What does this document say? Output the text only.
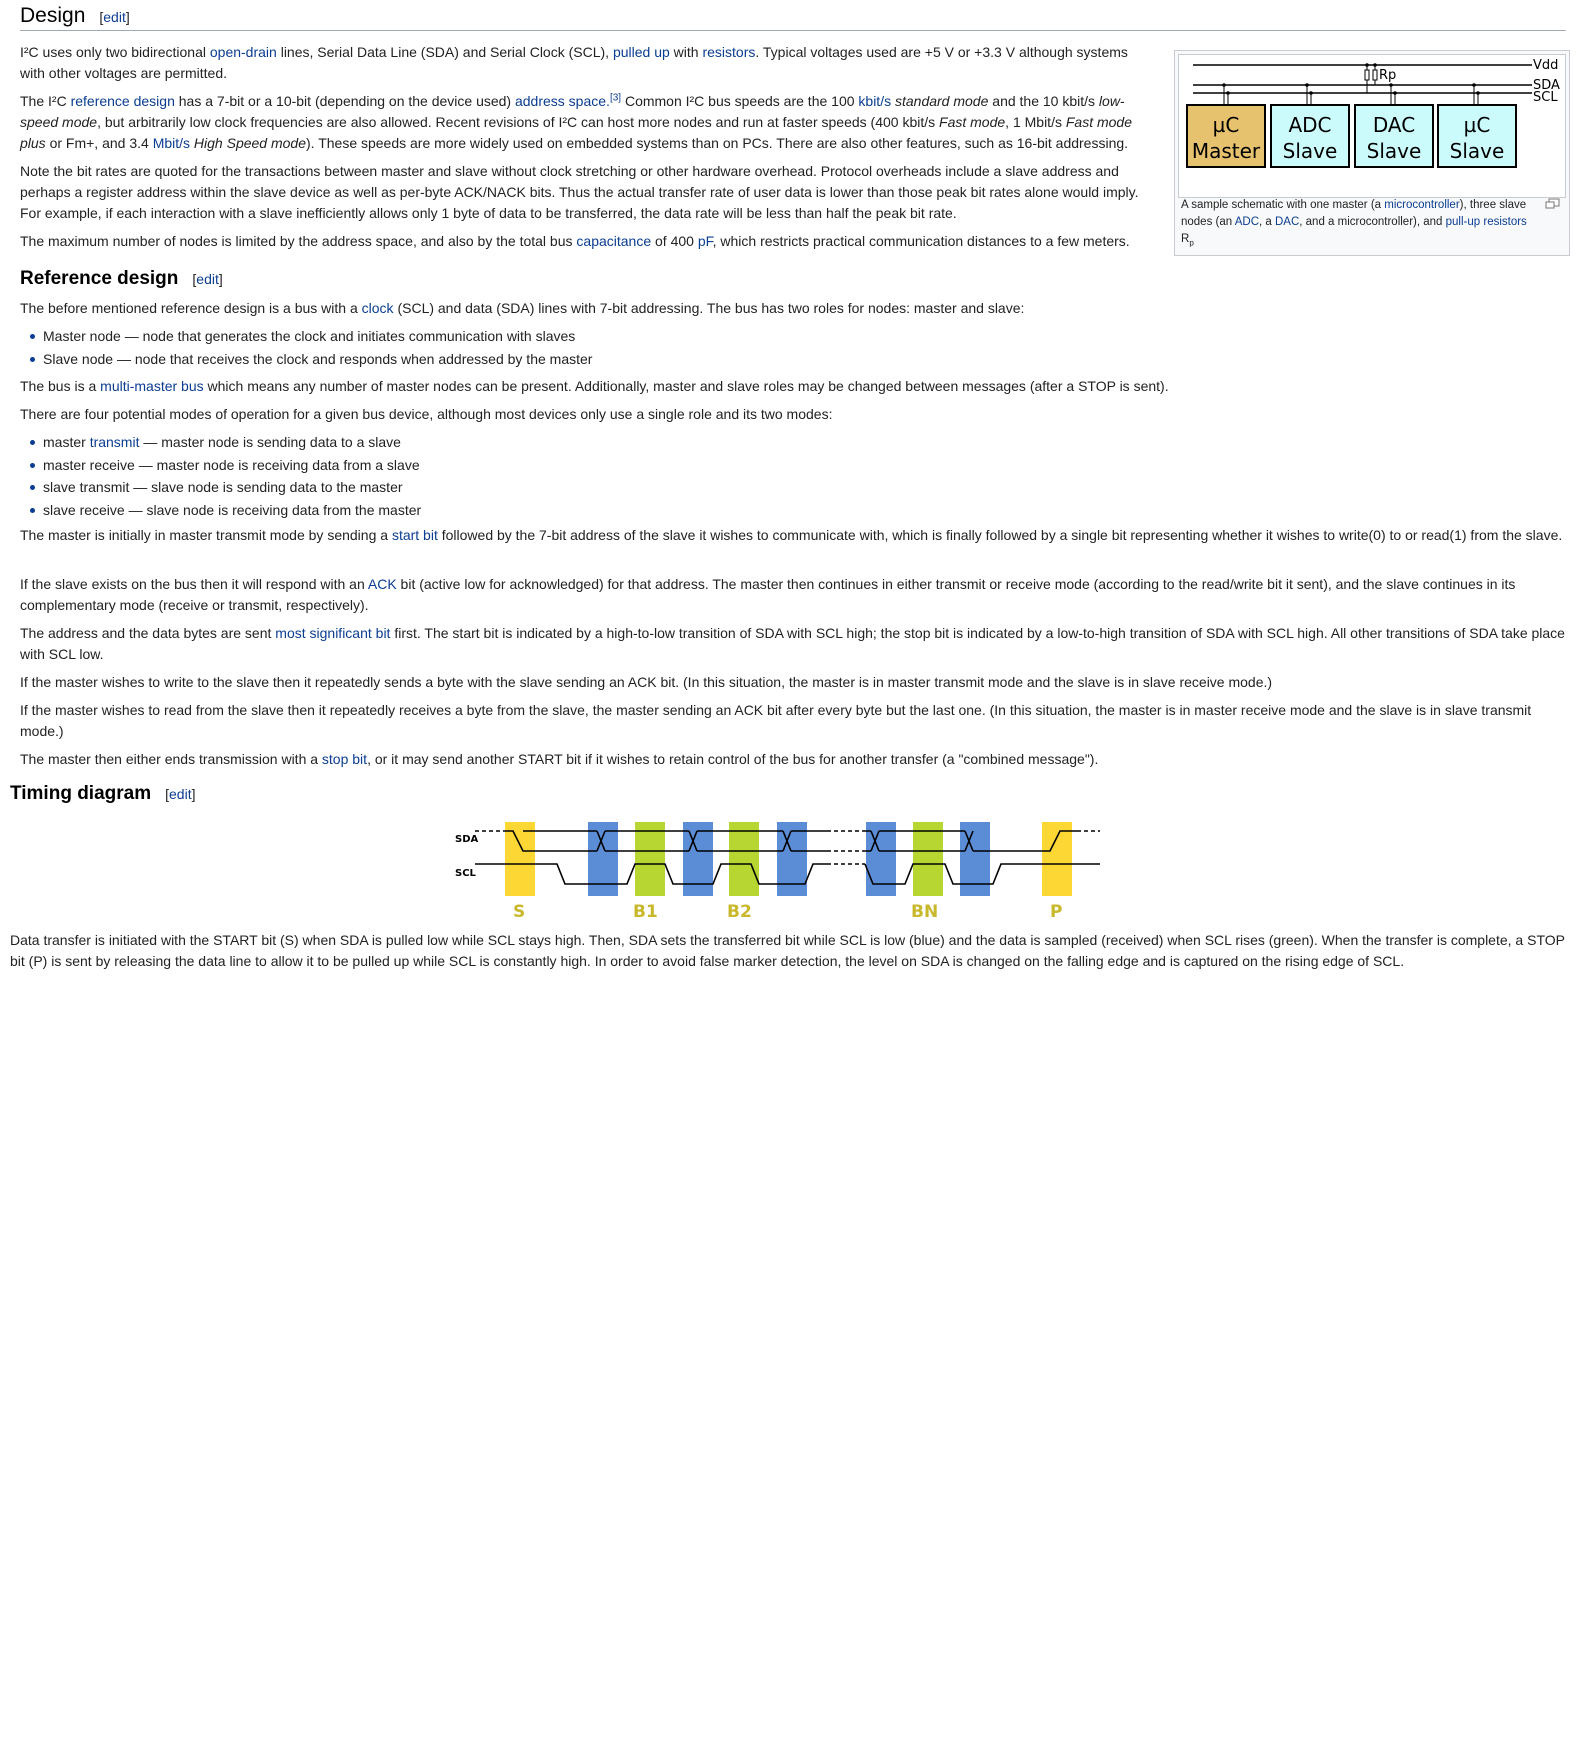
Design [edit]

I²C uses only two bidirectional open-drain lines, Serial Data Line (SDA) and Serial Clock (SCL), pulled up with resistors. Typical voltages used are +5 V or +3.3 V although systems with other voltages are permitted.

The I²C reference design has a 7-bit or a 10-bit (depending on the device used) address space.[3] Common I²C bus speeds are the 100 kbit/s standard mode and the 10 kbit/s low-speed mode, but arbitrarily low clock frequencies are also allowed. Recent revisions of I²C can host more nodes and run at faster speeds (400 kbit/s Fast mode, 1 Mbit/s Fast mode plus or Fm+, and 3.4 Mbit/s High Speed mode). These speeds are more widely used on embedded systems than on PCs. There are also other features, such as 16-bit addressing.

Note the bit rates are quoted for the transactions between master and slave without clock stretching or other hardware overhead. Protocol overheads include a slave address and perhaps a register address within the slave device as well as per-byte ACK/NACK bits. Thus the actual transfer rate of user data is lower than those peak bit rates alone would imply. For example, if each interaction with a slave inefficiently allows only 1 byte of data to be transferred, the data rate will be less than half the peak bit rate.

The maximum number of nodes is limited by the address space, and also by the total bus capacitance of 400 pF, which restricts practical communication distances to a few meters.

Rp
Vdd
SDA
SCL
µC
Master
ADC
Slave
DAC
Slave
µC
Slave
A sample schematic with one master (a microcontroller), three slave nodes (an ADC, a DAC, and a microcontroller), and pull-up resistors $R_p$
Reference design [edit]

The before mentioned reference design is a bus with a clock (SCL) and data (SDA) lines with 7-bit addressing. The bus has two roles for nodes: master and slave:

Master node — node that generates the clock and initiates communication with slaves
Slave node — node that receives the clock and responds when addressed by the master

The bus is a multi-master bus which means any number of master nodes can be present. Additionally, master and slave roles may be changed between messages (after a STOP is sent).

There are four potential modes of operation for a given bus device, although most devices only use a single role and its two modes:

master transmit — master node is sending data to a slave
master receive — master node is receiving data from a slave
slave transmit — slave node is sending data to the master
slave receive — slave node is receiving data from the master

The master is initially in master transmit mode by sending a start bit followed by the 7-bit address of the slave it wishes to communicate with, which is finally followed by a single bit representing whether it wishes to write(0) to or read(1) from the slave.

If the slave exists on the bus then it will respond with an ACK bit (active low for acknowledged) for that address. The master then continues in either transmit or receive mode (according to the read/write bit it sent), and the slave continues in its complementary mode (receive or transmit, respectively).

The address and the data bytes are sent most significant bit first. The start bit is indicated by a high-to-low transition of SDA with SCL high; the stop bit is indicated by a low-to-high transition of SDA with SCL high. All other transitions of SDA take place with SCL low.

If the master wishes to write to the slave then it repeatedly sends a byte with the slave sending an ACK bit. (In this situation, the master is in master transmit mode and the slave is in slave receive mode.)

If the master wishes to read from the slave then it repeatedly receives a byte from the slave, the master sending an ACK bit after every byte but the last one. (In this situation, the master is in master receive mode and the slave is in slave transmit mode.)

The master then either ends transmission with a stop bit, or it may send another START bit if it wishes to retain control of the bus for another transfer (a "combined message").

Timing diagram [edit]
SDA
SCL
S	B1	B2	BN	P

Data transfer is initiated with the START bit (S) when SDA is pulled low while SCL stays high. Then, SDA sets the transferred bit while SCL is low (blue) and the data is sampled (received) when SCL rises (green). When the transfer is complete, a STOP bit (P) is sent by releasing the data line to allow it to be pulled up while SCL is constantly high. In order to avoid false marker detection, the level on SDA is changed on the falling edge and is captured on the rising edge of SCL.
